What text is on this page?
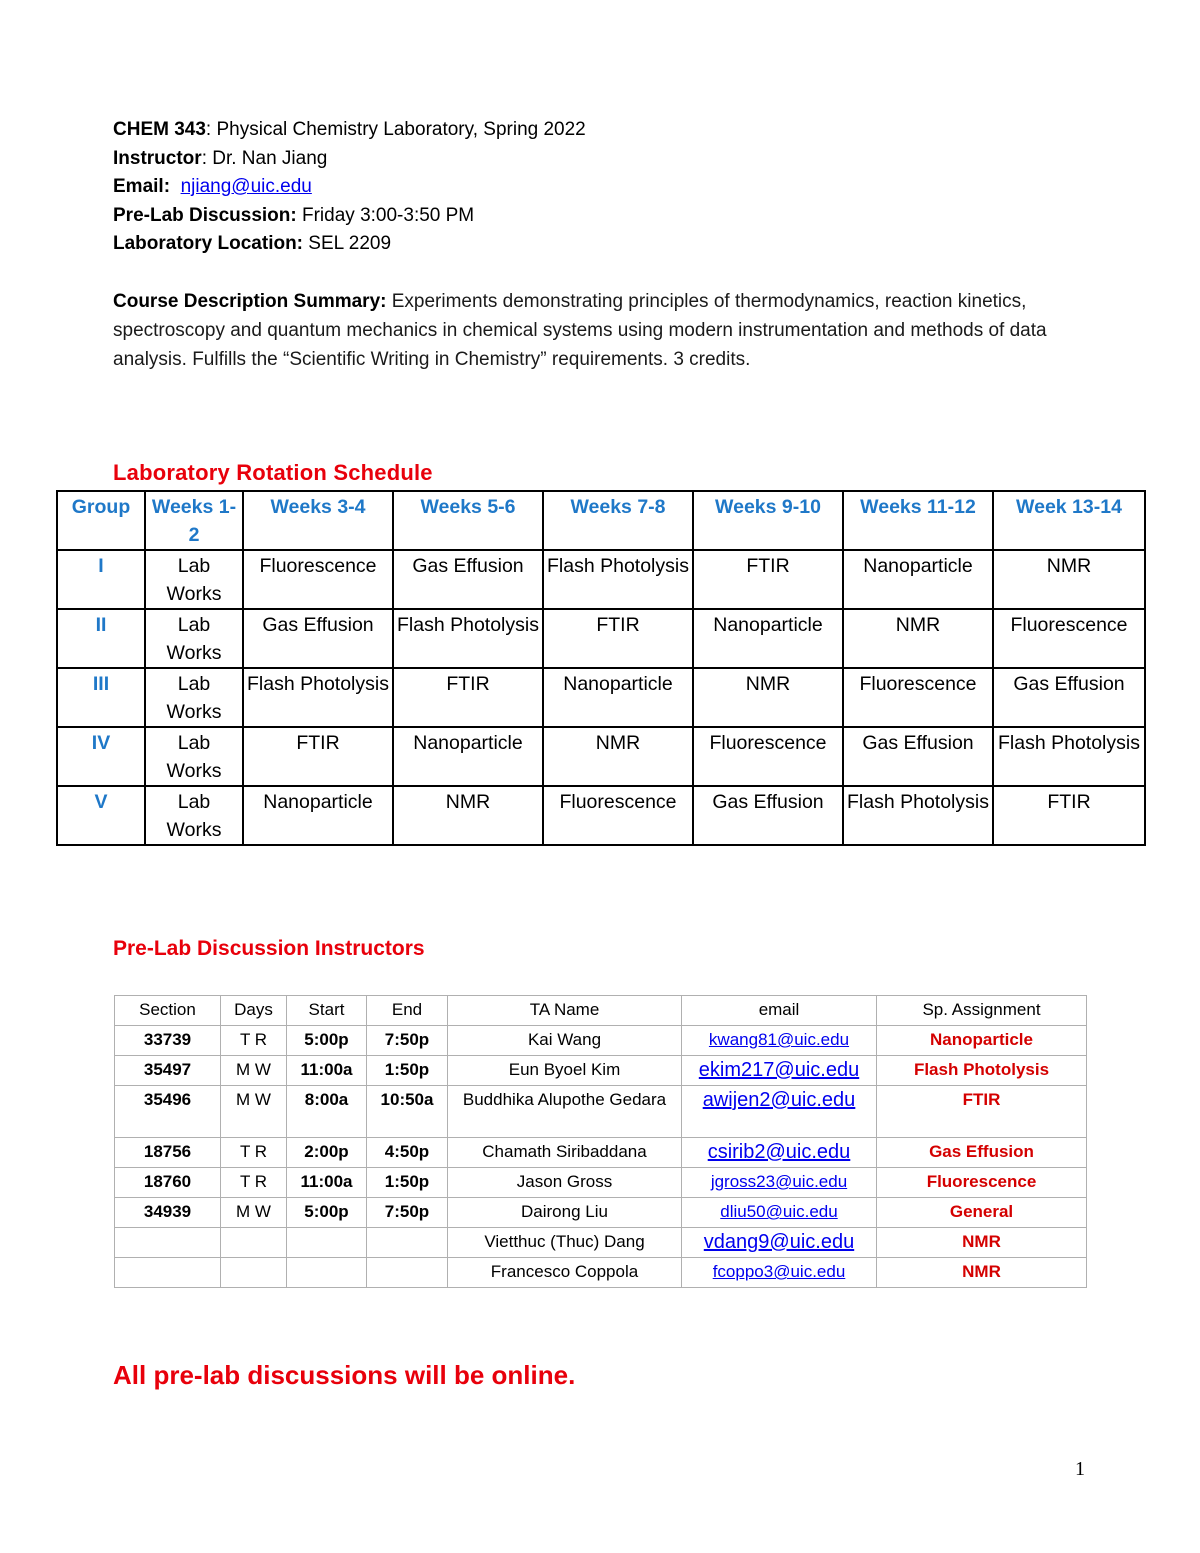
CHEM 343: Physical Chemistry Laboratory, Spring 2022
Instructor: Dr. Nan Jiang
Email: njiang@uic.edu
Pre-Lab Discussion: Friday 3:00-3:50 PM
Laboratory Location: SEL 2209
Course Description Summary: Experiments demonstrating principles of thermodynamics, reaction kinetics, spectroscopy and quantum mechanics in chemical systems using modern instrumentation and methods of data analysis. Fulfills the “Scientific Writing in Chemistry” requirements. 3 credits.
Laboratory Rotation Schedule
Group	Weeks 1-2	Weeks 3-4	Weeks 5-6	Weeks 7-8	Weeks 9-10	Weeks 11-12	Week 13-14
I	Lab Works	Fluorescence	Gas Effusion	Flash Photolysis	FTIR	Nanoparticle	NMR
II	Lab Works	Gas Effusion	Flash Photolysis	FTIR	Nanoparticle	NMR	Fluorescence
III	Lab Works	Flash Photolysis	FTIR	Nanoparticle	NMR	Fluorescence	Gas Effusion
IV	Lab Works	FTIR	Nanoparticle	NMR	Fluorescence	Gas Effusion	Flash Photolysis
V	Lab Works	Nanoparticle	NMR	Fluorescence	Gas Effusion	Flash Photolysis	FTIR
Pre-Lab Discussion Instructors
Section	Days	Start	End	TA Name	email	Sp. Assignment
33739	T R	5:00p	7:50p	Kai Wang	kwang81@uic.edu	Nanoparticle
35497	M W	11:00a	1:50p	Eun Byoel Kim	ekim217@uic.edu	Flash Photolysis
35496	M W	8:00a	10:50a	Buddhika Alupothe Gedara	awijen2@uic.edu	FTIR
18756	T R	2:00p	4:50p	Chamath Siribaddana	csirib2@uic.edu	Gas Effusion
18760	T R	11:00a	1:50p	Jason Gross	jgross23@uic.edu	Fluorescence
34939	M W	5:00p	7:50p	Dairong Liu	dliu50@uic.edu	General
				Vietthuc (Thuc) Dang	vdang9@uic.edu	NMR
				Francesco Coppola	fcoppo3@uic.edu	NMR
All pre-lab discussions will be online.
1
